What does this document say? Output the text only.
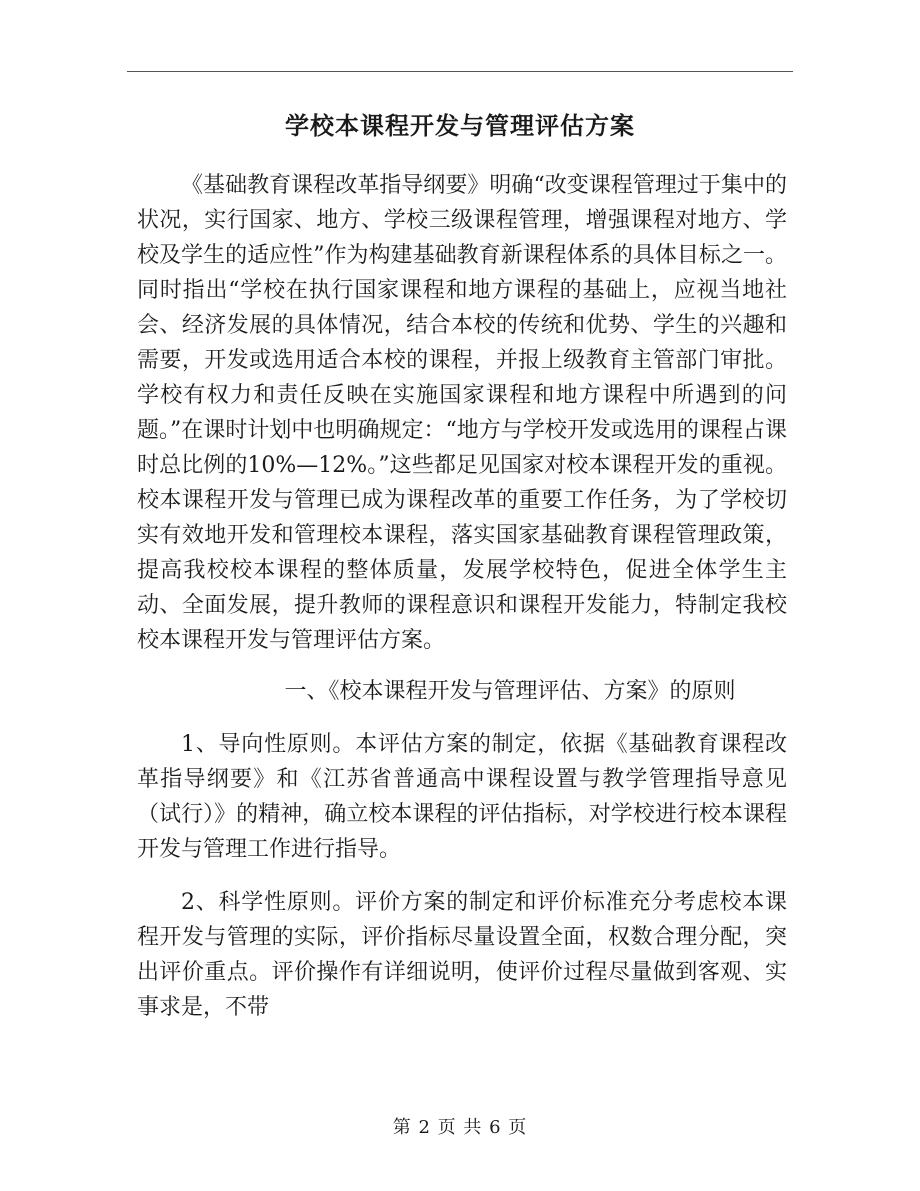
学校本课程开发与管理评估方案

《基础教育课程改革指导纲要》明确“改变课程管理过于集中的状况，实行国家、地方、学校三级课程管理，增强课程对地方、学校及学生的适应性”作为构建基础教育新课程体系的具体目标之一。同时指出“学校在执行国家课程和地方课程的基础上，应视当地社会、经济发展的具体情况，结合本校的传统和优势、学生的兴趣和需要，开发或选用适合本校的课程，并报上级教育主管部门审批。学校有权力和责任反映在实施国家课程和地方课程中所遇到的问题。”在课时计划中也明确规定：“地方与学校开发或选用的课程占课时总比例的10%—12%。”这些都足见国家对校本课程开发的重视。校本课程开发与管理已成为课程改革的重要工作任务，为了学校切实有效地开发和管理校本课程，落实国家基础教育课程管理政策，提高我校校本课程的整体质量，发展学校特色，促进全体学生主动、全面发展，提升教师的课程意识和课程开发能力，特制定我校校本课程开发与管理评估方案。

一、《校本课程开发与管理评估、方案》的原则

1、导向性原则。本评估方案的制定，依据《基础教育课程改革指导纲要》和《江苏省普通高中课程设置与教学管理指导意见（试行）》的精神，确立校本课程的评估指标，对学校进行校本课程开发与管理工作进行指导。

2、科学性原则。评价方案的制定和评价标准充分考虑校本课程开发与管理的实际，评价指标尽量设置全面，权数合理分配，突出评价重点。评价操作有详细说明，使评价过程尽量做到客观、实事求是，不带

第 2 页 共 6 页
